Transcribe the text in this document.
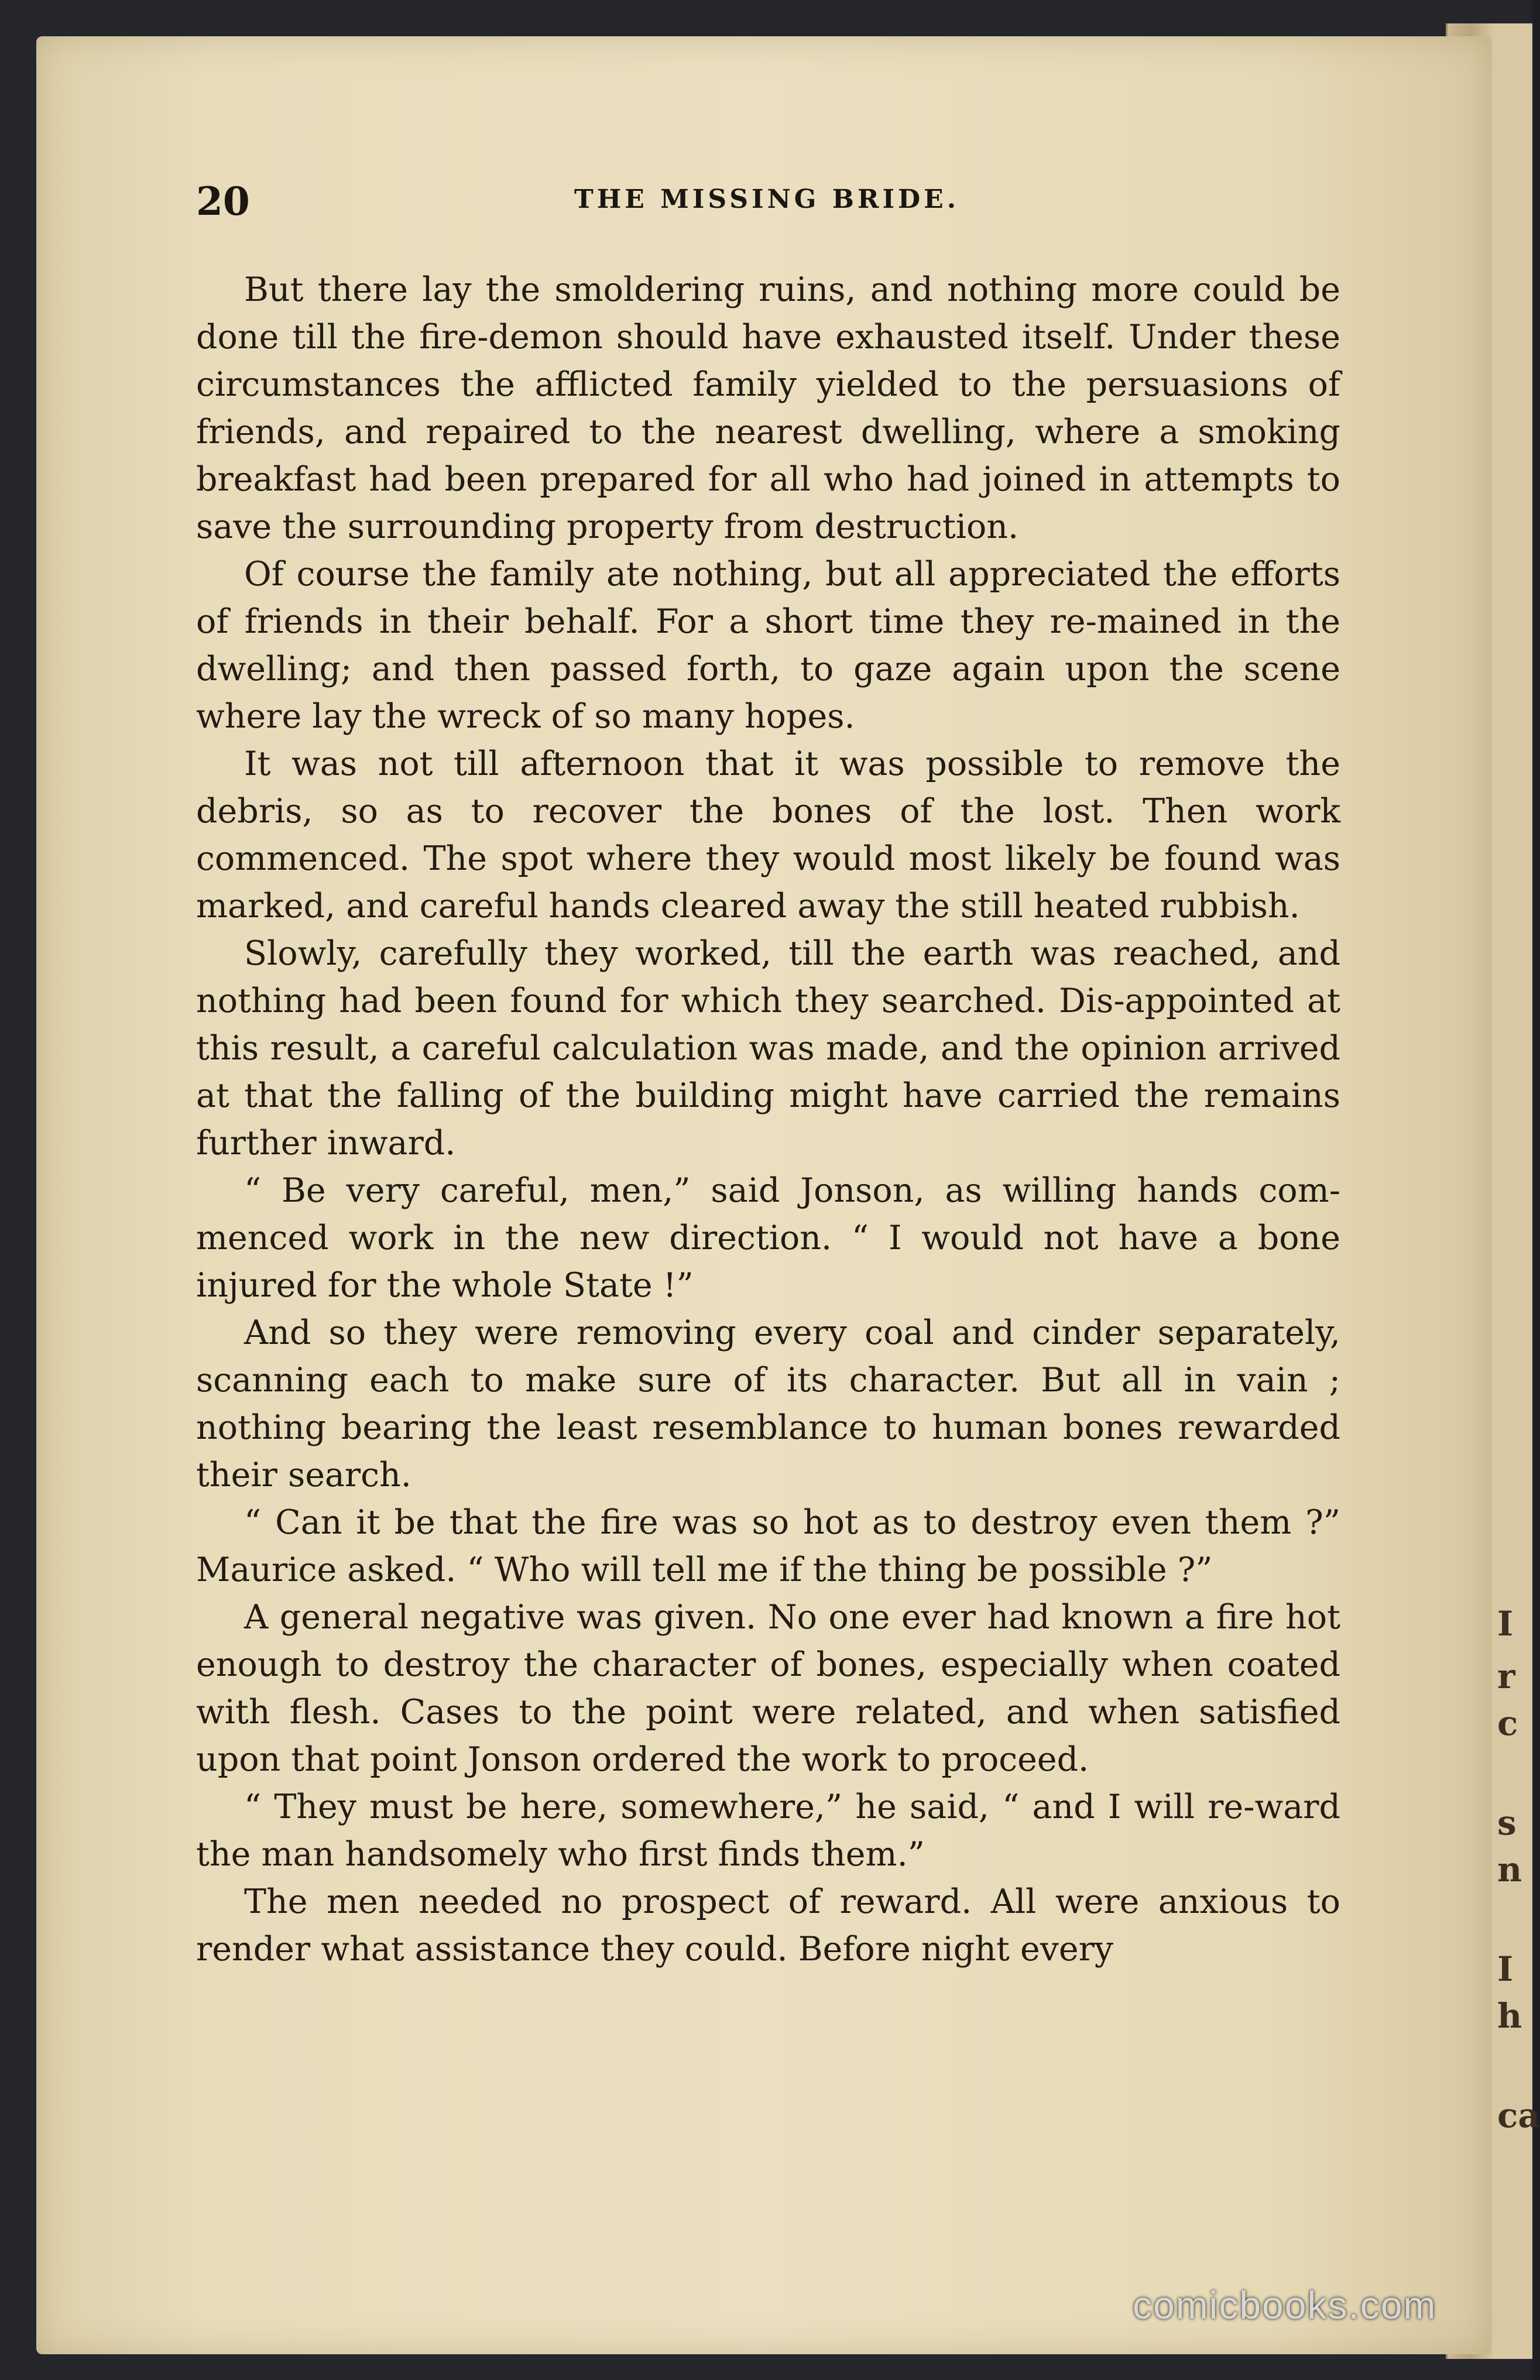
I
r
c
s
n
I
h
ca
20	THE MISSING BRIDE.

But there lay the smoldering ruins, and nothing more could be done till the fire-demon should have exhausted itself. Under these circumstances the afflicted family yielded to the persuasions of friends, and repaired to the nearest dwelling, where a smoking breakfast had been prepared for all who had joined in attempts to save the surrounding property from destruction.

Of course the family ate nothing, but all appreciated the efforts of friends in their behalf. For a short time they re-mained in the dwelling; and then passed forth, to gaze again upon the scene where lay the wreck of so many hopes.

It was not till afternoon that it was possible to remove the debris, so as to recover the bones of the lost. Then work commenced. The spot where they would most likely be found was marked, and careful hands cleared away the still heated rubbish.

Slowly, carefully they worked, till the earth was reached, and nothing had been found for which they searched. Dis-appointed at this result, a careful calculation was made, and the opinion arrived at that the falling of the building might have carried the remains further inward.

“ Be very careful, men,” said Jonson, as willing hands com-menced work in the new direction. “ I would not have a bone injured for the whole State !”

And so they were removing every coal and cinder separately, scanning each to make sure of its character. But all in vain ; nothing bearing the least resemblance to human bones rewarded their search.

“ Can it be that the fire was so hot as to destroy even them ?” Maurice asked. “ Who will tell me if the thing be possible ?”

A general negative was given. No one ever had known a fire hot enough to destroy the character of bones, especially when coated with flesh. Cases to the point were related, and when satisfied upon that point Jonson ordered the work to proceed.

“ They must be here, somewhere,” he said, “ and I will re-ward the man handsomely who first finds them.”

The men needed no prospect of reward. All were anxious to render what assistance they could. Before night every

comicbooks.com
